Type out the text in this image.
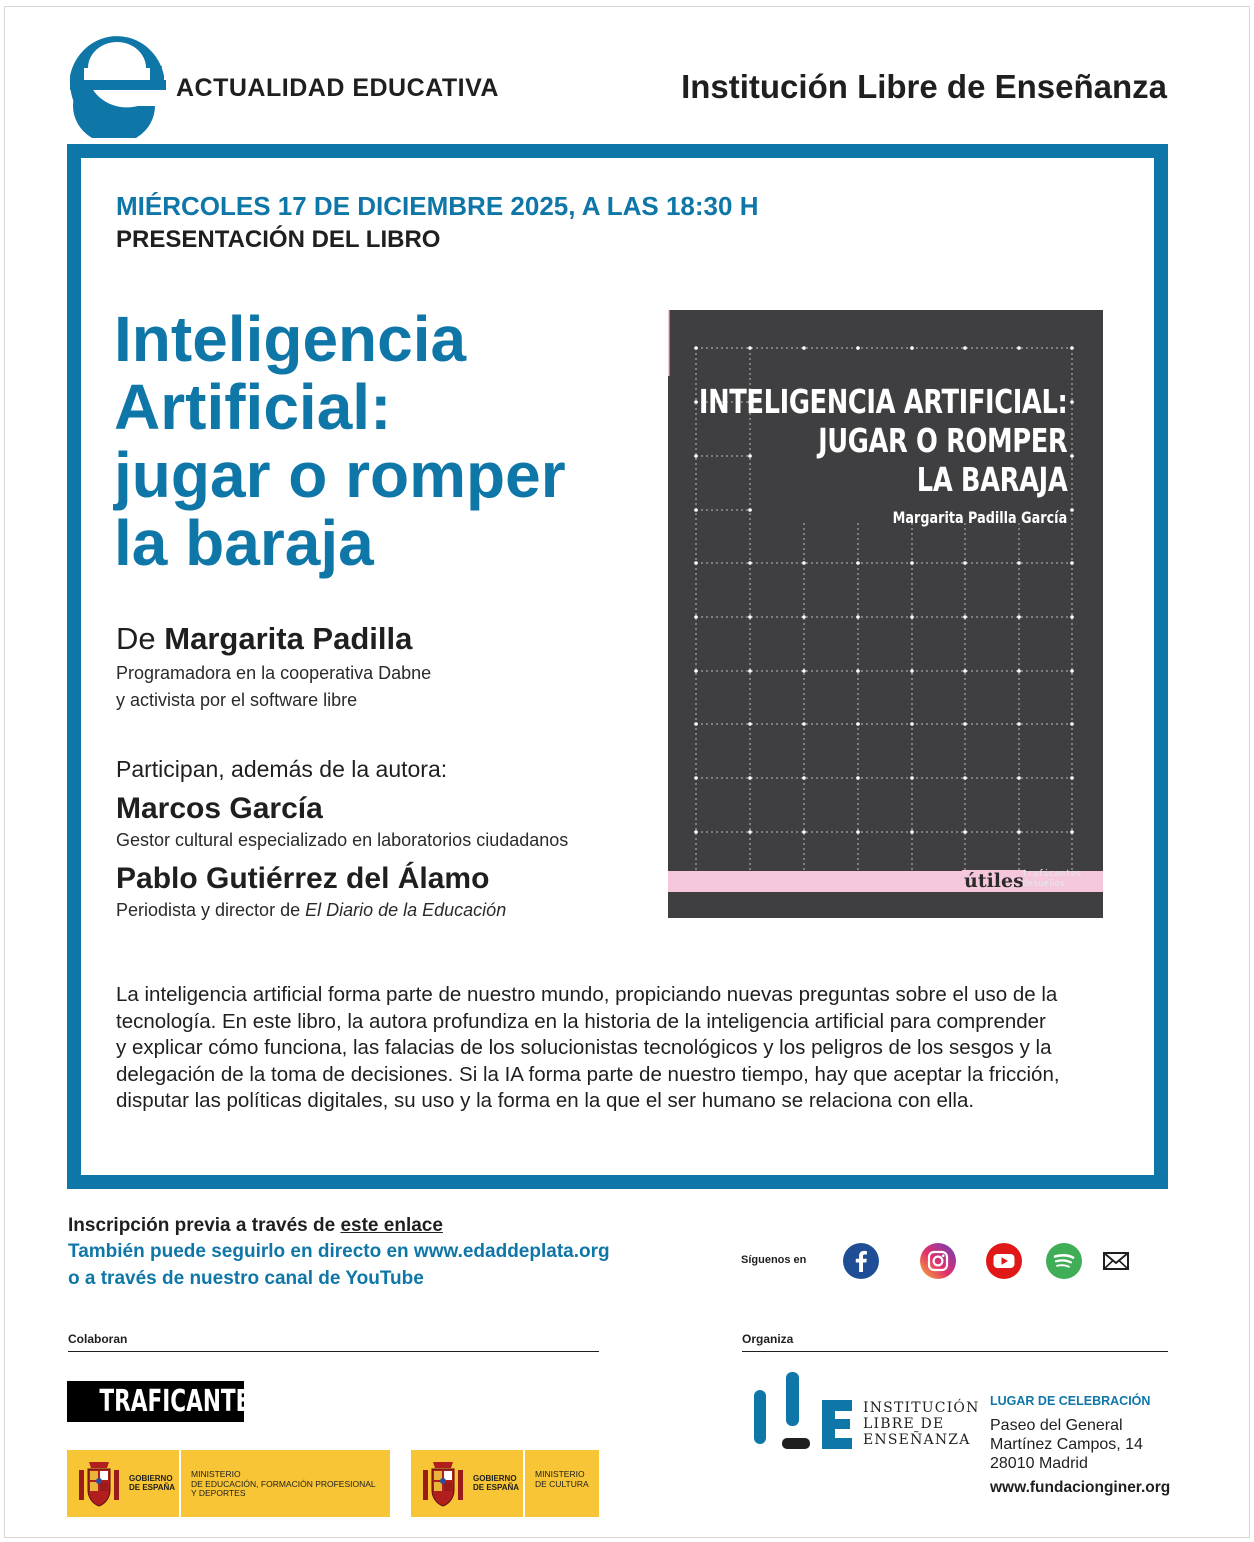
ACTUALIDAD EDUCATIVA	Institución Libre de Enseñanza
MIÉRCOLES 17 DE DICIEMBRE 2025, A LAS 18:30 H
PRESENTACIÓN DEL LIBRO
Inteligencia
Artificial:
jugar o romper
la baraja
De Margarita Padilla
Programadora en la cooperativa Dabne
y activista por el software libre
Participan, además de la autora:
Marcos García
Gestor cultural especializado en laboratorios ciudadanos
Pablo Gutiérrez del Álamo
Periodista y director de El Diario de la Educación
INTELIGENCIA ARTIFICIAL:
JUGAR O ROMPER
LA BARAJA
Margarita Padilla García
útiles
traficantes
desueños
La inteligencia artificial forma parte de nuestro mundo, propiciando nuevas preguntas sobre el uso de la tecnología. En este libro, la autora profundiza en la historia de la inteligencia artificial para comprender y explicar cómo funciona, las falacias de los solucionistas tecnológicos y los peligros de los sesgos y la delegación de la toma de decisiones. Si la IA forma parte de nuestro tiempo, hay que aceptar la fricción, disputar las políticas digitales, su uso y la forma en la que el ser humano se relaciona con ella.
Inscripción previa a través de este enlace
También puede seguirlo en directo en www.edaddeplata.org
o a través de nuestro canal de YouTube
Síguenos en
Colaboran	Organiza
TRAFICANTES
GOBIERNO
DE ESPAÑA
MINISTERIO
DE EDUCACIÓN, FORMACIÓN PROFESIONAL
Y DEPORTES
GOBIERNO
DE ESPAÑA
MINISTERIO
DE CULTURA
INSTITUCIÓN
LIBRE DE
ENSEÑANZA
LUGAR DE CELEBRACIÓN
Paseo del General
Martínez Campos, 14
28010 Madrid
www.fundacionginer.org
